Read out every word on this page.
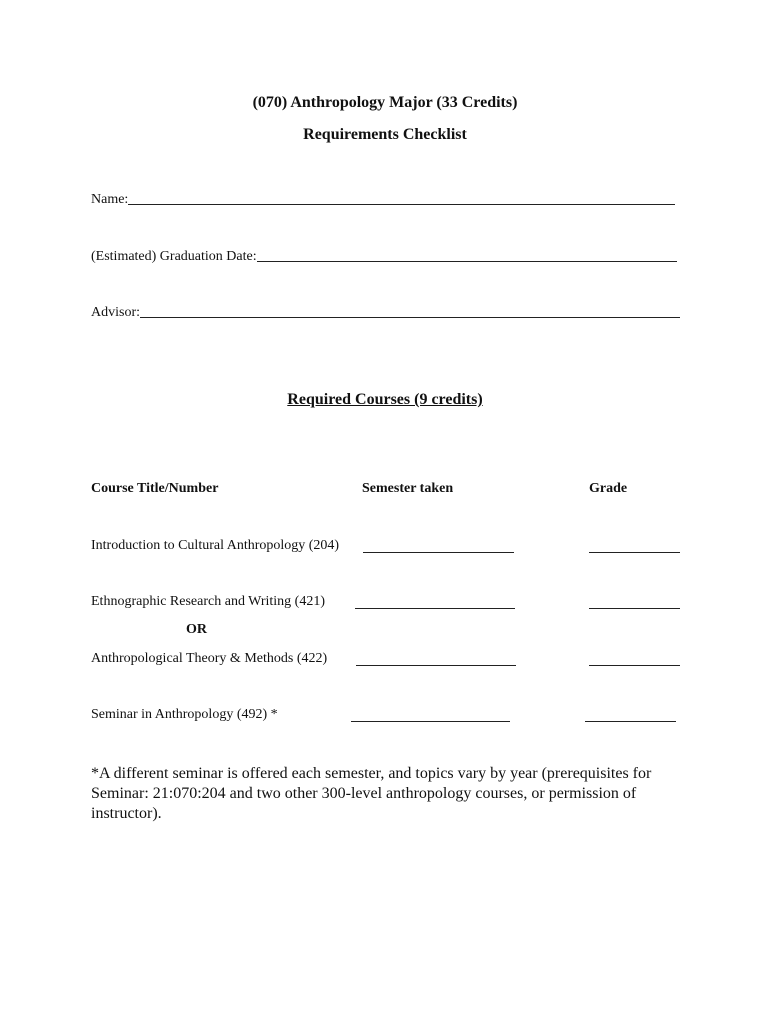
(070) Anthropology Major (33 Credits)
Requirements Checklist
Name:
(Estimated) Graduation Date:
Advisor:
Required Courses (9 credits)
Course Title/Number	Semester taken	Grade
Introduction to Cultural Anthropology (204)
Ethnographic Research and Writing (421)
OR
Anthropological Theory & Methods (422)
Seminar in Anthropology (492) *
*A different seminar is offered each semester, and topics vary by year (prerequisites for Seminar: 21:070:204 and two other 300-level anthropology courses, or permission of instructor).
